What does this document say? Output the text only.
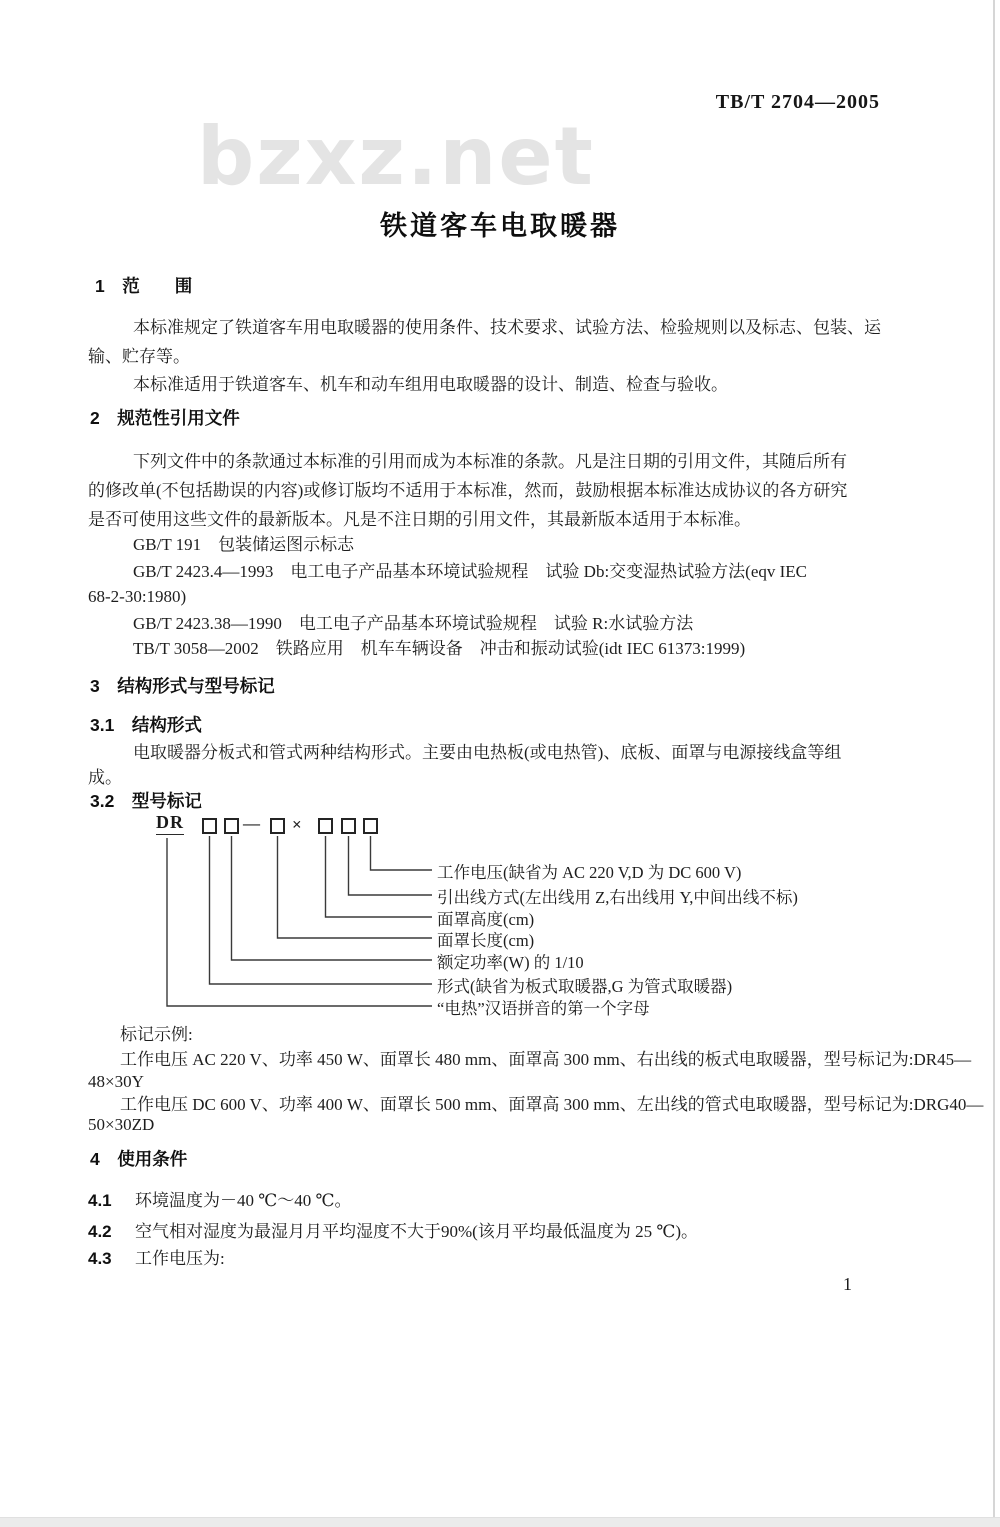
TB/T 2704—2005
bzxz.net
铁道客车电取暖器
1　范　　围
本标准规定了铁道客车用电取暖器的使用条件、技术要求、试验方法、检验规则以及标志、包装、运
输、贮存等。
本标准适用于铁道客车、机车和动车组用电取暖器的设计、制造、检查与验收。
2　规范性引用文件
下列文件中的条款通过本标准的引用而成为本标准的条款。凡是注日期的引用文件，其随后所有
的修改单(不包括勘误的内容)或修订版均不适用于本标准，然而，鼓励根据本标准达成协议的各方研究
是否可使用这些文件的最新版本。凡是不注日期的引用文件，其最新版本适用于本标准。
GB/T 191　包装储运图示标志
GB/T 2423.4—1993　电工电子产品基本环境试验规程　试验 Db:交变湿热试验方法(eqv IEC
68-2-30:1980)
GB/T 2423.38—1990　电工电子产品基本环境试验规程　试验 R:水试验方法
TB/T 3058—2002　铁路应用　机车车辆设备　冲击和振动试验(idt IEC 61373:1999)
3　结构形式与型号标记
3.1　结构形式
电取暖器分板式和管式两种结构形式。主要由电热板(或电热管)、底板、面罩与电源接线盒等组
成。
3.2　型号标记
DR	— ×
工作电压(缺省为 AC 220 V,D 为 DC 600 V)
引出线方式(左出线用 Z,右出线用 Y,中间出线不标)
面罩高度(cm)
面罩长度(cm)
额定功率(W) 的 1/10
形式(缺省为板式取暖器,G 为管式取暖器)
“电热”汉语拼音的第一个字母
标记示例:
工作电压 AC 220 V、功率 450 W、面罩长 480 mm、面罩高 300 mm、右出线的板式电取暖器，型号标记为:DR45—
48×30Y
工作电压 DC 600 V、功率 400 W、面罩长 500 mm、面罩高 300 mm、左出线的管式电取暖器，型号标记为:DRG40—
50×30ZD
4　使用条件
4.1 环境温度为－40 ℃～40 ℃。
4.2 空气相对湿度为最湿月月平均湿度不大于90%(该月平均最低温度为 25 ℃)。
4.3 工作电压为:
1
